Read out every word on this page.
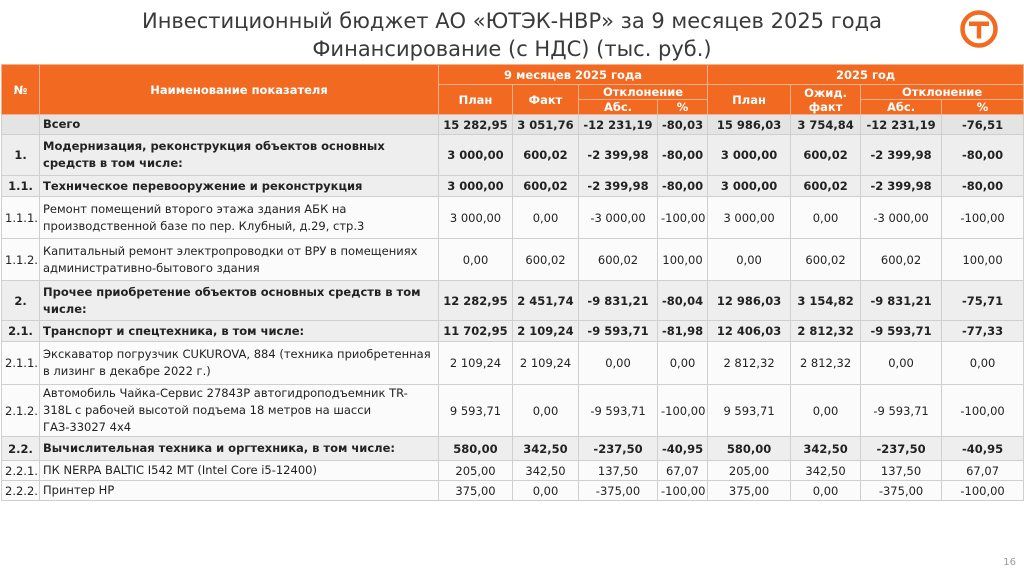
Инвестиционный бюджет АО «ЮТЭК-НВР» за 9 месяцев 2025 года
Финансирование (с НДС) (тыс. руб.)
№	Наименование показателя	9 месяцев 2025 года				2025 год			
		План	Факт	Отклонение		План	Ожид. факт	Отклонение	
				Абс.	%			Абс.	%
	Всего	15 282,95	3 051,76	-12 231,19	-80,03	15 986,03	3 754,84	-12 231,19	-76,51
1.	Модернизация, реконструкция объектов основных средств в том числе:	3 000,00	600,02	-2 399,98	-80,00	3 000,00	600,02	-2 399,98	-80,00
1.1.	Техническое перевооружение и реконструкция	3 000,00	600,02	-2 399,98	-80,00	3 000,00	600,02	-2 399,98	-80,00
1.1.1.	Ремонт помещений второго этажа здания АБК на производственной базе по пер. Клубный, д.29, стр.3	3 000,00	0,00	-3 000,00	-100,00	3 000,00	0,00	-3 000,00	-100,00
1.1.2.	Капитальный ремонт электропроводки от ВРУ в помещениях административно-бытового здания	0,00	600,02	600,02	100,00	0,00	600,02	600,02	100,00
2.	Прочее приобретение объектов основных средств в том числе:	12 282,95	2 451,74	-9 831,21	-80,04	12 986,03	3 154,82	-9 831,21	-75,71
2.1.	Транспорт и спецтехника, в том числе:	11 702,95	2 109,24	-9 593,71	-81,98	12 406,03	2 812,32	-9 593,71	-77,33
2.1.1.	Экскаватор погрузчик CUKUROVA, 884 (техника приобретенная в лизинг в декабре 2022 г.)	2 109,24	2 109,24	0,00	0,00	2 812,32	2 812,32	0,00	0,00
2.1.2.	Автомобиль Чайка-Сервис 27843Р автогидроподъемник TR-318L с рабочей высотой подъема 18 метров на шасси ГАЗ-33027 4х4	9 593,71	0,00	-9 593,71	-100,00	9 593,71	0,00	-9 593,71	-100,00
2.2.	Вычислительная техника и оргтехника, в том числе:	580,00	342,50	-237,50	-40,95	580,00	342,50	-237,50	-40,95
2.2.1.	ПК NERPA BALTIC I542 MT (Intel Core i5-12400)	205,00	342,50	137,50	67,07	205,00	342,50	137,50	67,07
2.2.2.	Принтер HP	375,00	0,00	-375,00	-100,00	375,00	0,00	-375,00	-100,00
16
